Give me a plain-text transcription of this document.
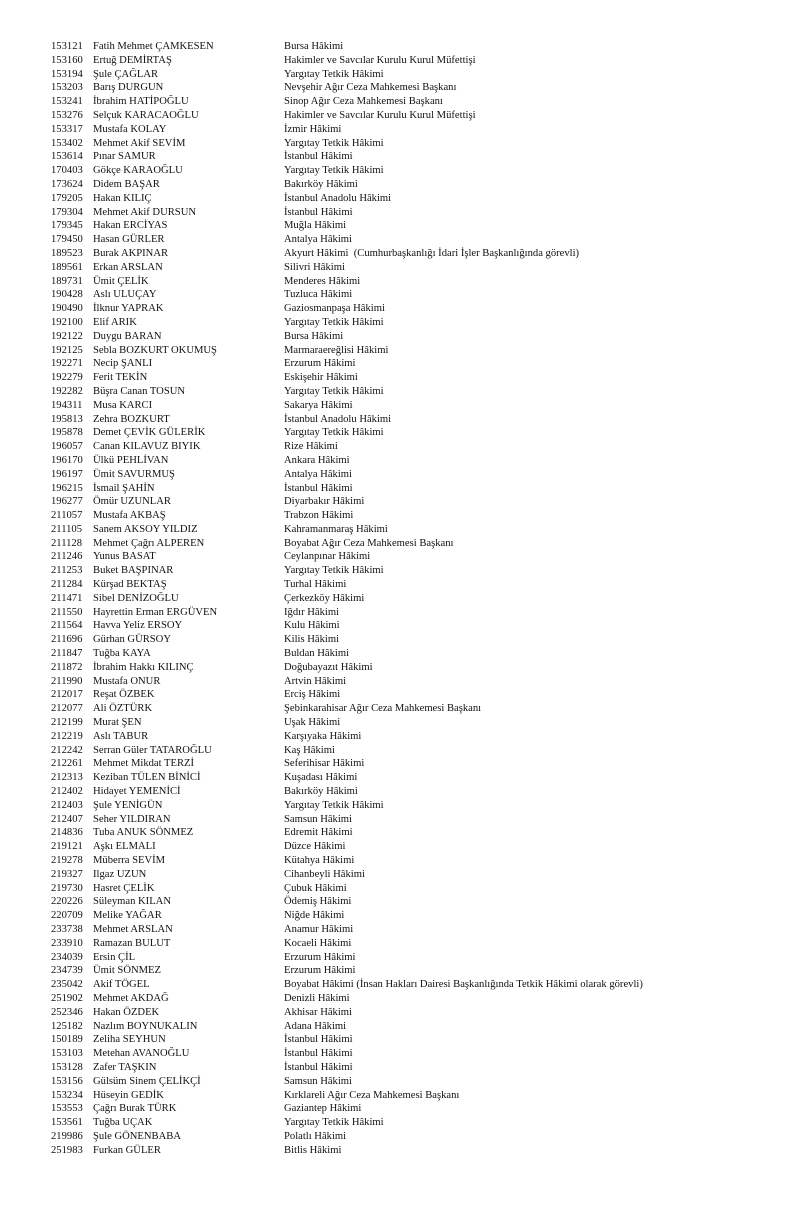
153121 Fatih Mehmet ÇAMKESEN	Bursa Hâkimi
153160 Ertuğ DEMİRTAŞ	Hakimler ve Savcılar Kurulu Kurul Müfettişi
153194 Şule ÇAĞLAR	Yargıtay Tetkik Hâkimi
153203 Barış DURGUN	Nevşehir Ağır Ceza Mahkemesi Başkanı
153241 İbrahim HATİPOĞLU	Sinop Ağır Ceza Mahkemesi Başkanı
153276 Selçuk KARACAOĞLU	Hakimler ve Savcılar Kurulu Kurul Müfettişi
153317 Mustafa KOLAY	İzmir Hâkimi
153402 Mehmet Akif SEVİM	Yargıtay Tetkik Hâkimi
153614 Pınar SAMUR	İstanbul Hâkimi
170403 Gökçe KARAOĞLU	Yargıtay Tetkik Hâkimi
173624 Didem BAŞAR	Bakırköy Hâkimi
179205 Hakan KILIÇ	İstanbul Anadolu Hâkimi
179304 Mehmet Akif DURSUN	İstanbul Hâkimi
179345 Hakan ERCİYAS	Muğla Hâkimi
179450 Hasan GÜRLER	Antalya Hâkimi
189523 Burak AKPINAR	Akyurt Hâkimi  (Cumhurbaşkanlığı İdari İşler Başkanlığında görevli)
189561 Erkan ARSLAN	Silivri Hâkimi
189731 Ümit ÇELİK	Menderes Hâkimi
190428 Aslı ULUÇAY	Tuzluca Hâkimi
190490 İlknur YAPRAK	Gaziosmanpaşa Hâkimi
192100 Elif ARIK	Yargıtay Tetkik Hâkimi
192122 Duygu BARAN	Bursa Hâkimi
192125 Sebla BOZKURT OKUMUŞ	Marmaraereğlisi Hâkimi
192271 Necip ŞANLI	Erzurum Hâkimi
192279 Ferit TEKİN	Eskişehir Hâkimi
192282 Büşra Canan TOSUN	Yargıtay Tetkik Hâkimi
194311 Musa KARCI	Sakarya Hâkimi
195813 Zehra BOZKURT	İstanbul Anadolu Hâkimi
195878 Demet ÇEVİK GÜLERİK	Yargıtay Tetkik Hâkimi
196057 Canan KILAVUZ BIYIK	Rize Hâkimi
196170 Ülkü PEHLİVAN	Ankara Hâkimi
196197 Ümit SAVURMUŞ	Antalya Hâkimi
196215 İsmail ŞAHİN	İstanbul Hâkimi
196277 Ömür UZUNLAR	Diyarbakır Hâkimi
211057 Mustafa AKBAŞ	Trabzon Hâkimi
211105 Sanem AKSOY YILDIZ	Kahramanmaraş Hâkimi
211128 Mehmet Çağrı ALPEREN	Boyabat Ağır Ceza Mahkemesi Başkanı
211246 Yunus BASAT	Ceylanpınar Hâkimi
211253 Buket BAŞPINAR	Yargıtay Tetkik Hâkimi
211284 Kürşad BEKTAŞ	Turhal Hâkimi
211471 Sibel DENİZOĞLU	Çerkezköy Hâkimi
211550 Hayrettin Erman ERGÜVEN	Iğdır Hâkimi
211564 Havva Yeliz ERSOY	Kulu Hâkimi
211696 Gürhan GÜRSOY	Kilis Hâkimi
211847 Tuğba KAYA	Buldan Hâkimi
211872 İbrahim Hakkı KILINÇ	Doğubayazıt Hâkimi
211990 Mustafa ONUR	Artvin Hâkimi
212017 Reşat ÖZBEK	Erciş Hâkimi
212077 Ali ÖZTÜRK	Şebinkarahisar Ağır Ceza Mahkemesi Başkanı
212199 Murat ŞEN	Uşak Hâkimi
212219 Aslı TABUR	Karşıyaka Hâkimi
212242 Serran Güler TATAROĞLU	Kaş Hâkimi
212261 Mehmet Mikdat TERZİ	Seferihisar Hâkimi
212313 Keziban TÜLEN BİNİCİ	Kuşadası Hâkimi
212402 Hidayet YEMENİCİ	Bakırköy Hâkimi
212403 Şule YENİGÜN	Yargıtay Tetkik Hâkimi
212407 Seher YILDIRAN	Samsun Hâkimi
214836 Tuba ANUK SÖNMEZ	Edremit Hâkimi
219121 Aşkı ELMALI	Düzce Hâkimi
219278 Müberra SEVİM	Kütahya Hâkimi
219327 Ilgaz UZUN	Cihanbeyli Hâkimi
219730 Hasret ÇELİK	Çubuk Hâkimi
220226 Süleyman KILAN	Ödemiş Hâkimi
220709 Melike YAĞAR	Niğde Hâkimi
233738 Mehmet ARSLAN	Anamur Hâkimi
233910 Ramazan BULUT	Kocaeli Hâkimi
234039 Ersin ÇİL	Erzurum Hâkimi
234739 Ümit SÖNMEZ	Erzurum Hâkimi
235042 Akif TÖGEL	Boyabat Hâkimi (İnsan Hakları Dairesi Başkanlığında Tetkik Hâkimi olarak görevli)
251902 Mehmet AKDAĞ	Denizli Hâkimi
252346 Hakan ÖZDEK	Akhisar Hâkimi
125182 Nazlım BOYNUKALIN	Adana Hâkimi
150189 Zeliha SEYHUN	İstanbul Hâkimi
153103 Metehan AVANOĞLU	İstanbul Hâkimi
153128 Zafer TAŞKIN	İstanbul Hâkimi
153156 Gülsüm Sinem ÇELİKÇİ	Samsun Hâkimi
153234 Hüseyin GEDİK	Kırklareli Ağır Ceza Mahkemesi Başkanı
153553 Çağrı Burak TÜRK	Gaziantep Hâkimi
153561 Tuğba UÇAK	Yargıtay Tetkik Hâkimi
219986 Şule GÖNENBABA	Polatlı Hâkimi
251983 Furkan GÜLER	Bitlis Hâkimi
